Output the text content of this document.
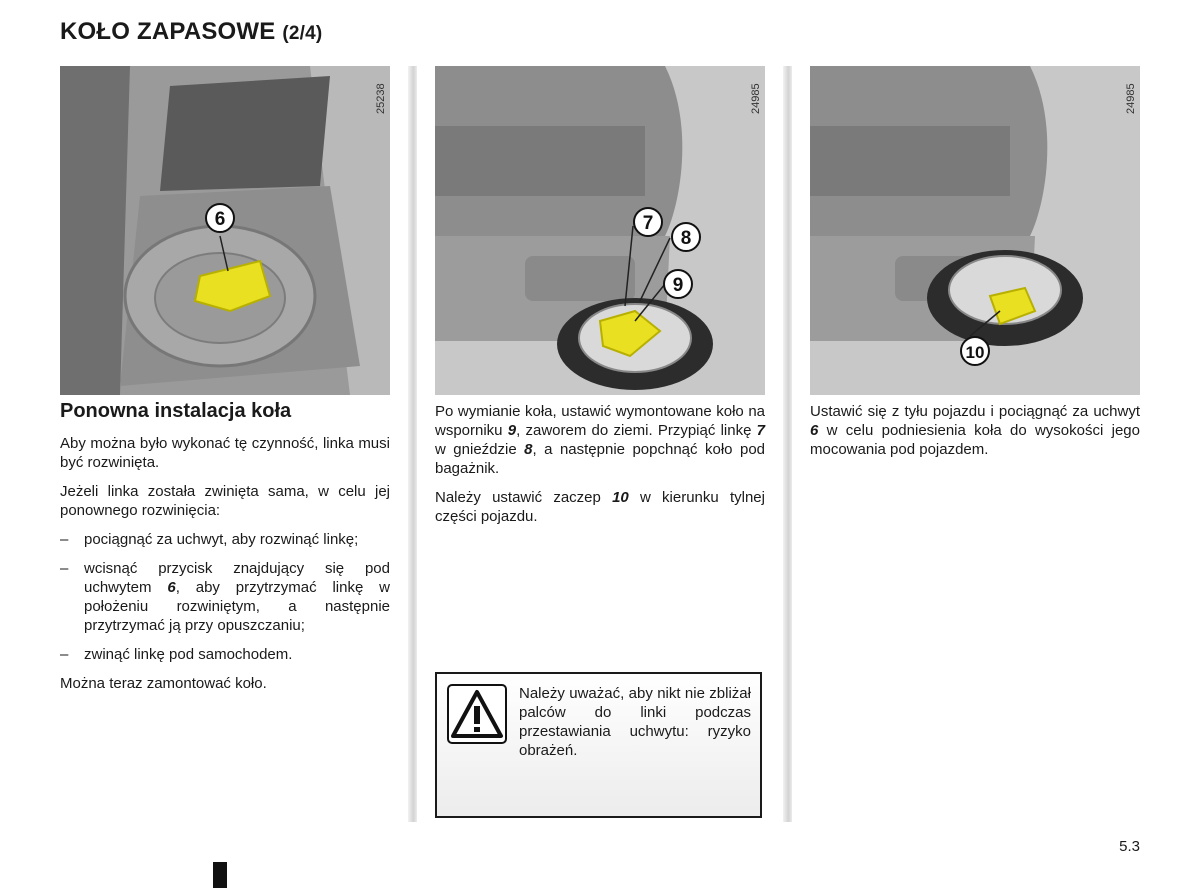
KOŁO ZAPASOWE (2/4)
6
25238
7
8
9
24985
10
24985
Ponowna instalacja koła

Aby można było wykonać tę czynność, linka musi być rozwinięta.

Jeżeli linka została zwinięta sama, w celu jej ponownego rozwinięcia:

– pociągnąć za uchwyt, aby rozwinąć linkę;
– wcisnąć przycisk znajdujący się pod uchwytem 6, aby przytrzymać linkę w położeniu rozwiniętym, a następnie przytrzymać ją przy opuszczaniu;
– zwinąć linkę pod samochodem.

Można teraz zamontować koło.

Po wymianie koła, ustawić wymontowane koło na wsporniku 9, zaworem do ziemi. Przypiąć linkę 7 w gnieździe 8, a następnie popchnąć koło pod bagażnik.

Należy ustawić zaczep 10 w kierunku tylnej części pojazdu.

Należy uważać, aby nikt nie zbliżał palców do linki podczas przestawiania uchwytu: ryzyko obrażeń.

Ustawić się z tyłu pojazdu i pociągnąć za uchwyt 6 w celu podniesienia koła do wysokości jego mocowania pod pojazdem.

5.3
